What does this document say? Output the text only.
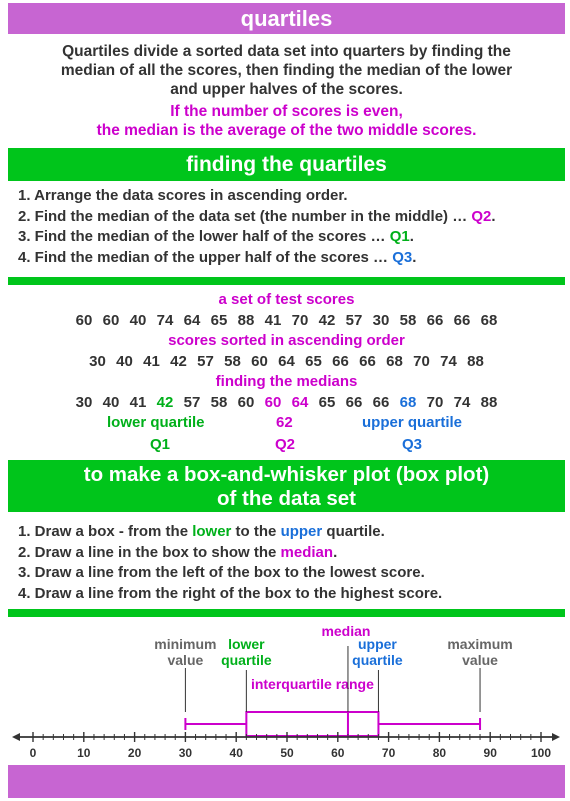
quartiles
Quartiles divide a sorted data set into quarters by finding the
median of all the scores, then finding the median of the lower
and upper halves of the scores.
If the number of scores is even,
the median is the average of the two middle scores.
finding the quartiles
1. Arrange the data scores in ascending order.
2. Find the median of the data set (the number in the middle) … Q2.
3. Find the median of the lower half of the scores … Q1.
4. Find the median of the upper half of the scores … Q3.
a set of test scores
60 60 40 74 64 65 88 41 70 42 57 30 58 66 66 68
scores sorted in ascending order
30 40 41 42 57 58 60 64 65 66 66 68 70 74 88
finding the medians
30 40 41 42 57 58 60 60 64 65 66 66 68 70 74 88
lower quartile	62	upper quartile
Q1	Q2	Q3
to make a box-and-whisker plot (box plot)
of the data set
1. Draw a box - from the lower to the upper quartile.
2. Draw a line in the box to show the median.
3. Draw a line from the left of the box to the lowest score.
4. Draw a line from the right of the box to the highest score.
minimum
value
lower
quartile
median
upper
quartile
maximum
value
interquartile range
0	10	20	30	40	50	60	70	80	90	100
